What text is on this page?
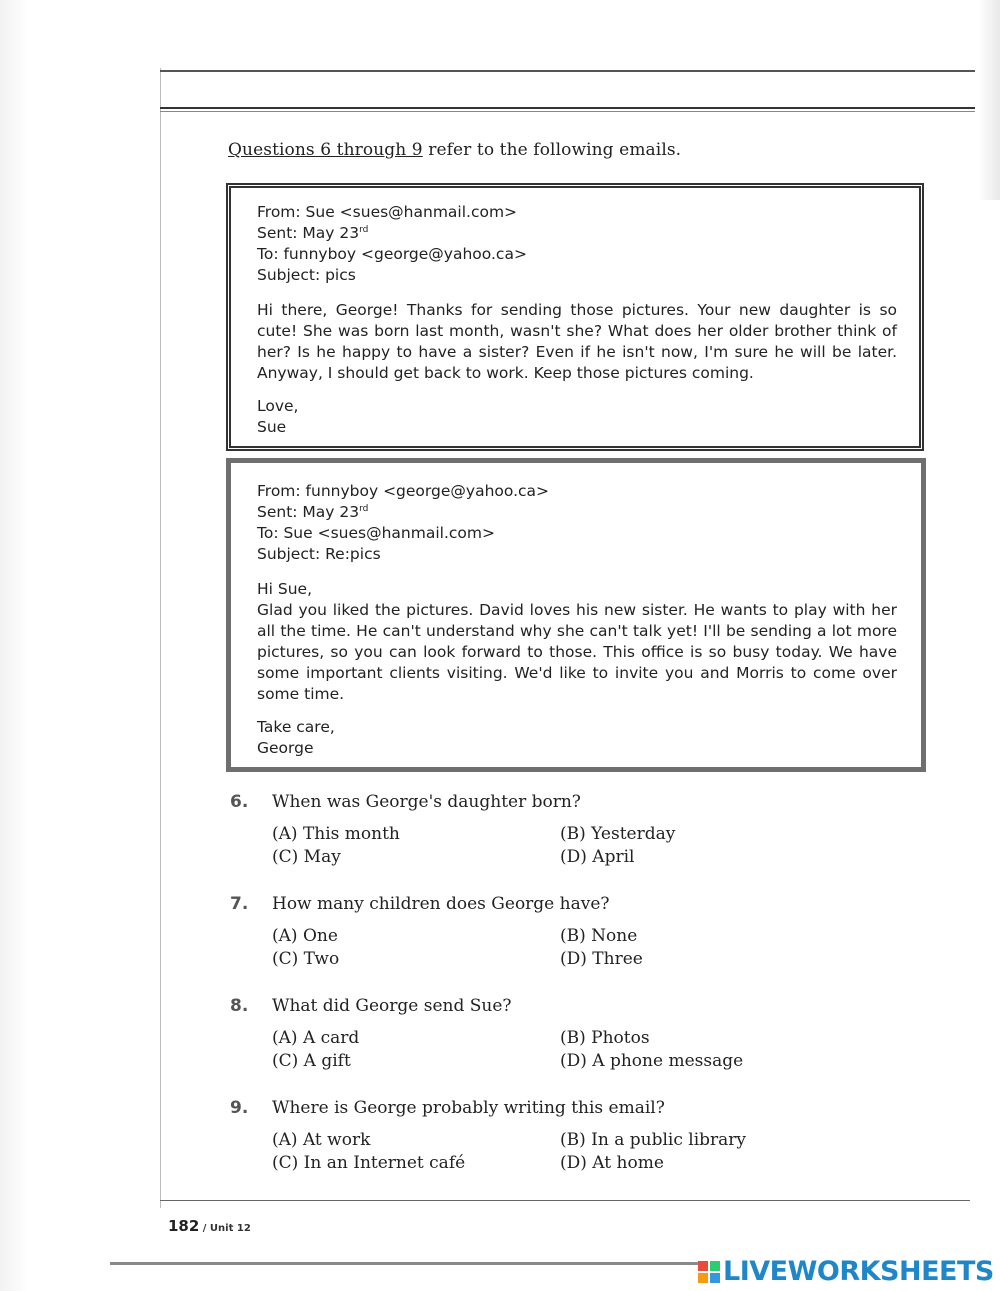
Questions 6 through 9 refer to the following emails.
From: Sue <sues@hanmail.com>
Sent: May 23rd
To: funnyboy <george@yahoo.ca>
Subject: pics
Hi there, George! Thanks for sending those pictures. Your new daughter is so cute! She was born last month, wasn't she? What does her older brother think of her? Is he happy to have a sister? Even if he isn't now, I'm sure he will be later. Anyway, I should get back to work. Keep those pictures coming.
Love,
Sue
From: funnyboy <george@yahoo.ca>
Sent: May 23rd
To: Sue <sues@hanmail.com>
Subject: Re:pics
Hi Sue,
Glad you liked the pictures. David loves his new sister. He wants to play with her all the time. He can't understand why she can't talk yet! I'll be sending a lot more pictures, so you can look forward to those. This office is so busy today. We have some important clients visiting. We'd like to invite you and Morris to come over some time.
Take care,
George
6. When was George's daughter born?
(A) This month	(B) Yesterday
(C) May	(D) April
7. How many children does George have?
(A) One	(B) None
(C) Two	(D) Three
8. What did George send Sue?
(A) A card	(B) Photos
(C) A gift	(D) A phone message
9. Where is George probably writing this email?
(A) At work	(B) In a public library
(C) In an Internet café	(D) At home
182 / Unit 12
LIVEWORKSHEETS
